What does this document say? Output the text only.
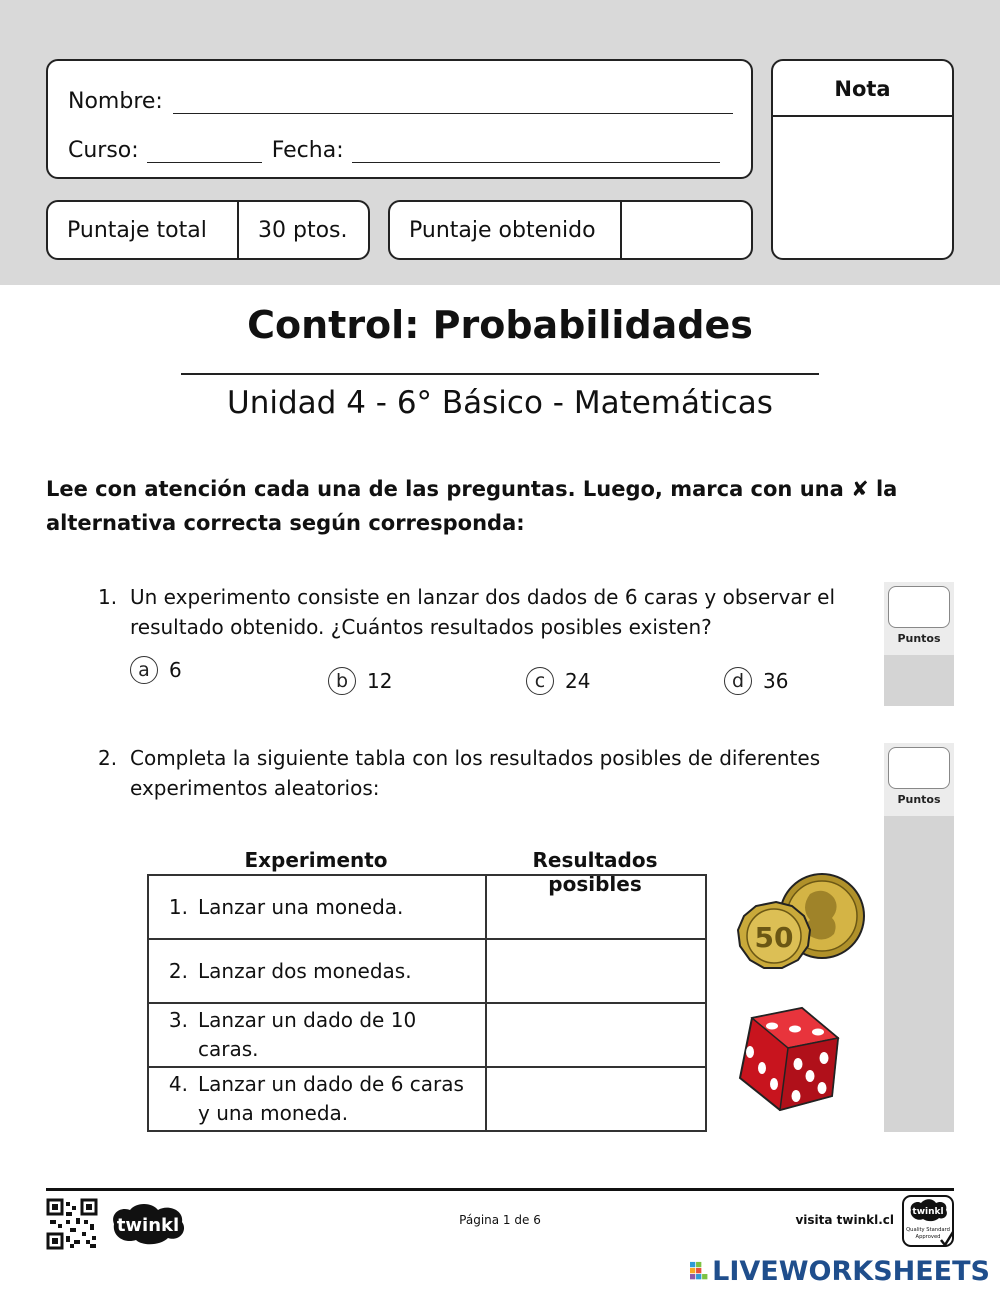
Nombre:
Curso:	Fecha:
Nota
Puntaje total	30 ptos.	Puntaje obtenido
Control: Probabilidades
Unidad 4 - 6° Básico - Matemáticas
Lee con atención cada una de las preguntas. Luego, marca con una ✘ la alternativa correcta según corresponda:
1. Un experimento consiste en lanzar dos dados de 6 caras y observar el resultado obtenido. ¿Cuántos resultados posibles existen?
a 6	b 12	c 24	d 36
Puntos
2. Completa la siguiente tabla con los resultados posibles de diferentes experimentos aleatorios:	Puntos
Experimento	Resultados posibles
1. Lanzar una moneda.	

2. Lanzar dos monedas.	

3. Lanzar un dado de 10 caras.	

4. Lanzar un dado de 6 caras y una moneda.	

50
twinkl	Página 1 de 6	visita twinkl.cl
twinkl
Quality Standard
Approved
LIVEWORKSHEETS
